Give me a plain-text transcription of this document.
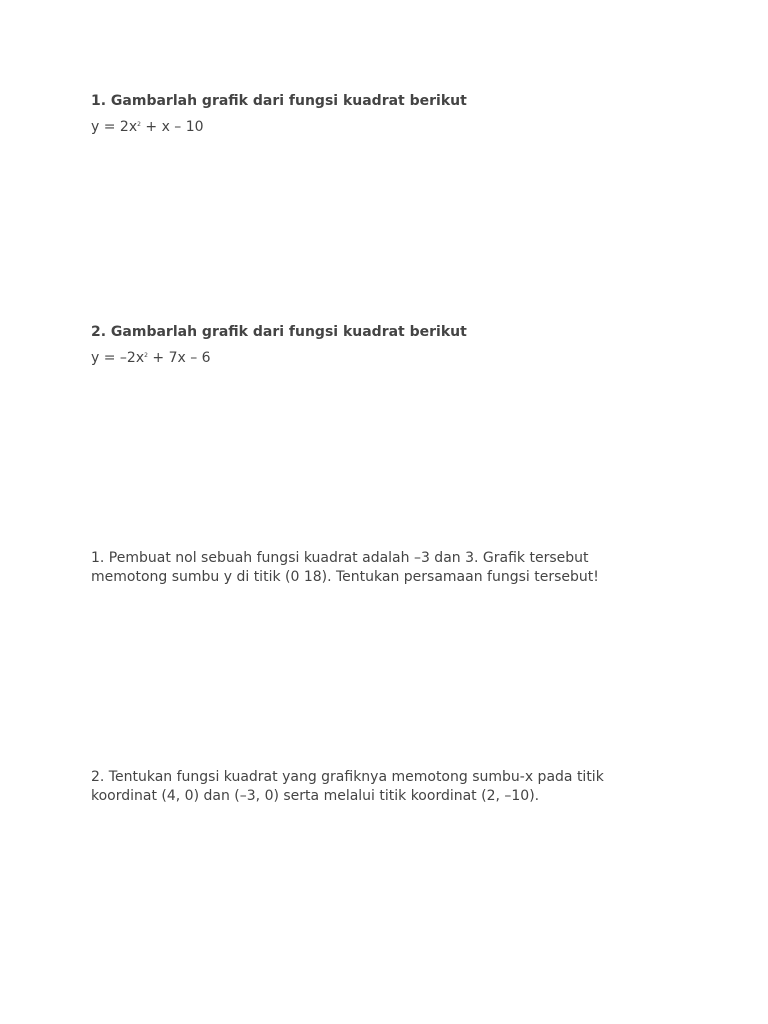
1. Gambarlah grafik dari fungsi kuadrat berikut

$y = 2x^2 + x - 10$

2. Gambarlah grafik dari fungsi kuadrat berikut

$y = -2x^2 + 7x - 6$

1. Pembuat nol sebuah fungsi kuadrat adalah –3 dan 3. Grafik tersebut

memotong sumbu y di titik (0 18). Tentukan persamaan fungsi tersebut!

2. Tentukan fungsi kuadrat yang grafiknya memotong sumbu-x pada titik

koordinat (4, 0) dan (–3, 0) serta melalui titik koordinat (2, –10).
